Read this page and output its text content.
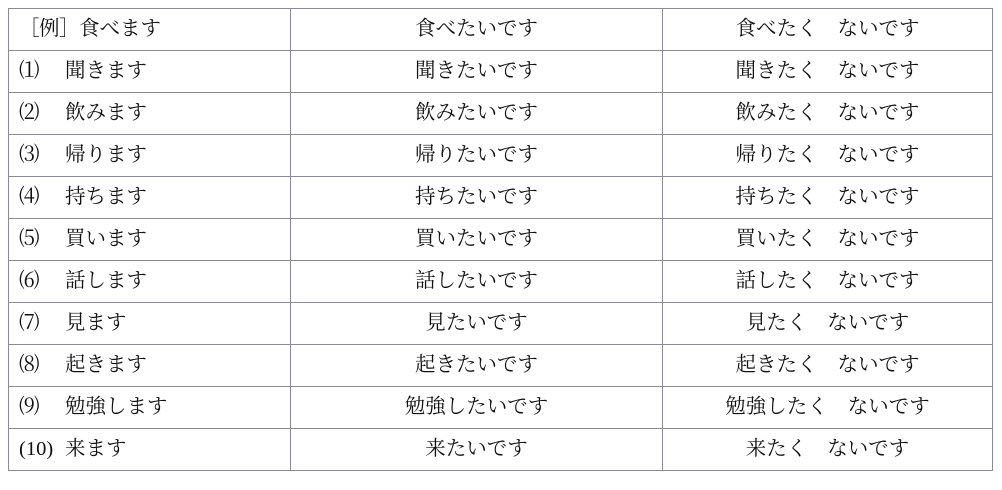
［例］食べます	食べたいです	食べたく ないです
⑴ 聞きます	聞きたいです	聞きたく ないです
⑵ 飲みます	飲みたいです	飲みたく ないです
⑶ 帰ります	帰りたいです	帰りたく ないです
⑷ 持ちます	持ちたいです	持ちたく ないです
⑸ 買います	買いたいです	買いたく ないです
⑹ 話します	話したいです	話したく ないです
⑺ 見ます	見たいです	見たく ないです
⑻ 起きます	起きたいです	起きたく ないです
⑼ 勉強します	勉強したいです	勉強したく ないです
(10) 来ます	来たいです	来たく ないです
